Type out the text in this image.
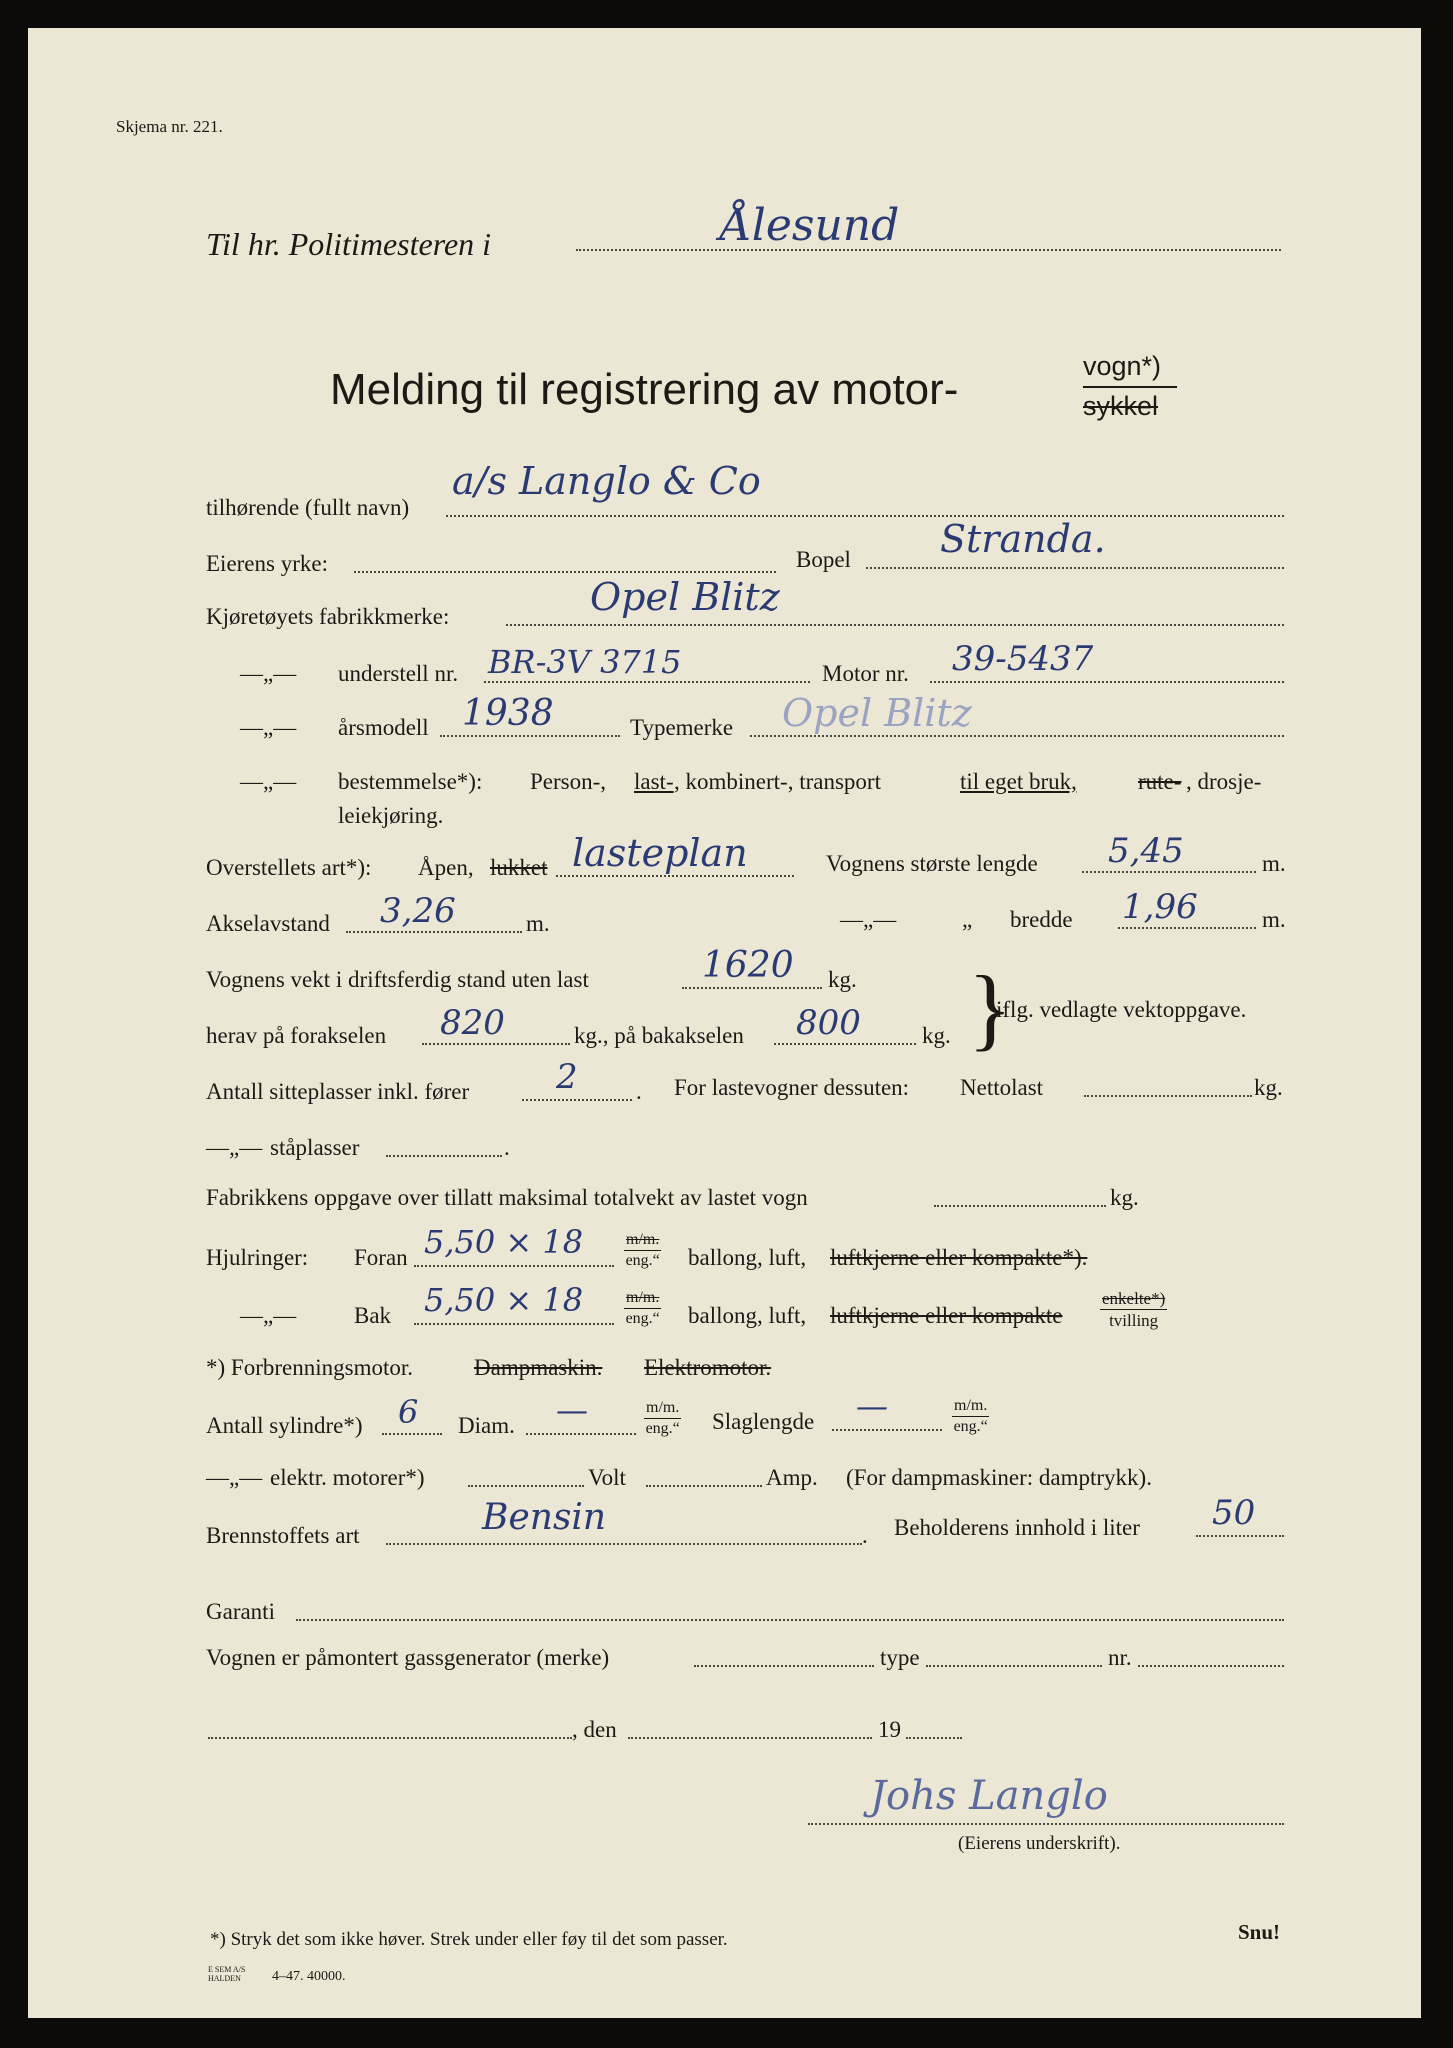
Skjema nr. 221.
Til hr. Politimesteren i	Ålesund
Melding til registrering av motor-	vogn*)
sykkel
tilhørende (fullt navn)
a/s Langlo & Co
Eierens yrke:	Bopel Stranda.
Kjøretøyets fabrikkmerke:	Opel Blitz
—„— understell nr. BR-3V 3715	Motor nr. 39-5437
—„— årsmodell 1938	Typemerke Opel Blitz
—„— bestemmelse*): Person-, last- , kombinert-, transport	til eget bruk,	rute- , drosje-
leiekjøring.
Overstellets art*): Åpen, lukket lasteplan	Vognens største lengde 5,45	m.
Akselavstand 3,26	m.	—„—	„ bredde 1,96	m.
Vognens vekt i driftsferdig stand uten last	1620 kg.
herav på forakselen 820	kg., på bakakselen 800	kg. }
iflg. vedlagte vektoppgave.
Antall sitteplasser inkl. fører	2	. For lastevogner dessuten: Nettolast	kg.
—„— ståplasser	.
Fabrikkens oppgave over tillatt maksimal totalvekt av lastet vogn	kg.
Hjulringer: Foran 5,50 × 18	m/m.
eng.“ ballong, luft, luftkjerne eller kompakte*).
—„—	Bak 5,50 × 18	m/m.
eng.“ ballong, luft, luftkjerne eller kompakte
enkelte*)
tvilling
*) Forbrenningsmotor.	Dampmaskin. Elektromotor.
Antall sylindre*) 6 Diam. —	m/m.
eng.“ Slaglengde —	m/m.
eng.“
—„— elektr. motorer*)	Volt	Amp. (For dampmaskiner: damptrykk).
Brennstoffets art	Bensin	. Beholderens innhold i liter 50
Garanti
Vognen er påmontert gassgenerator (merke)	type	nr.
, den	19
Johs Langlo
(Eierens underskrift).
*) Stryk det som ikke høver. Strek under eller føy til det som passer.	Snu!
E SEM A/S
HALDEN	4–47. 40000.
